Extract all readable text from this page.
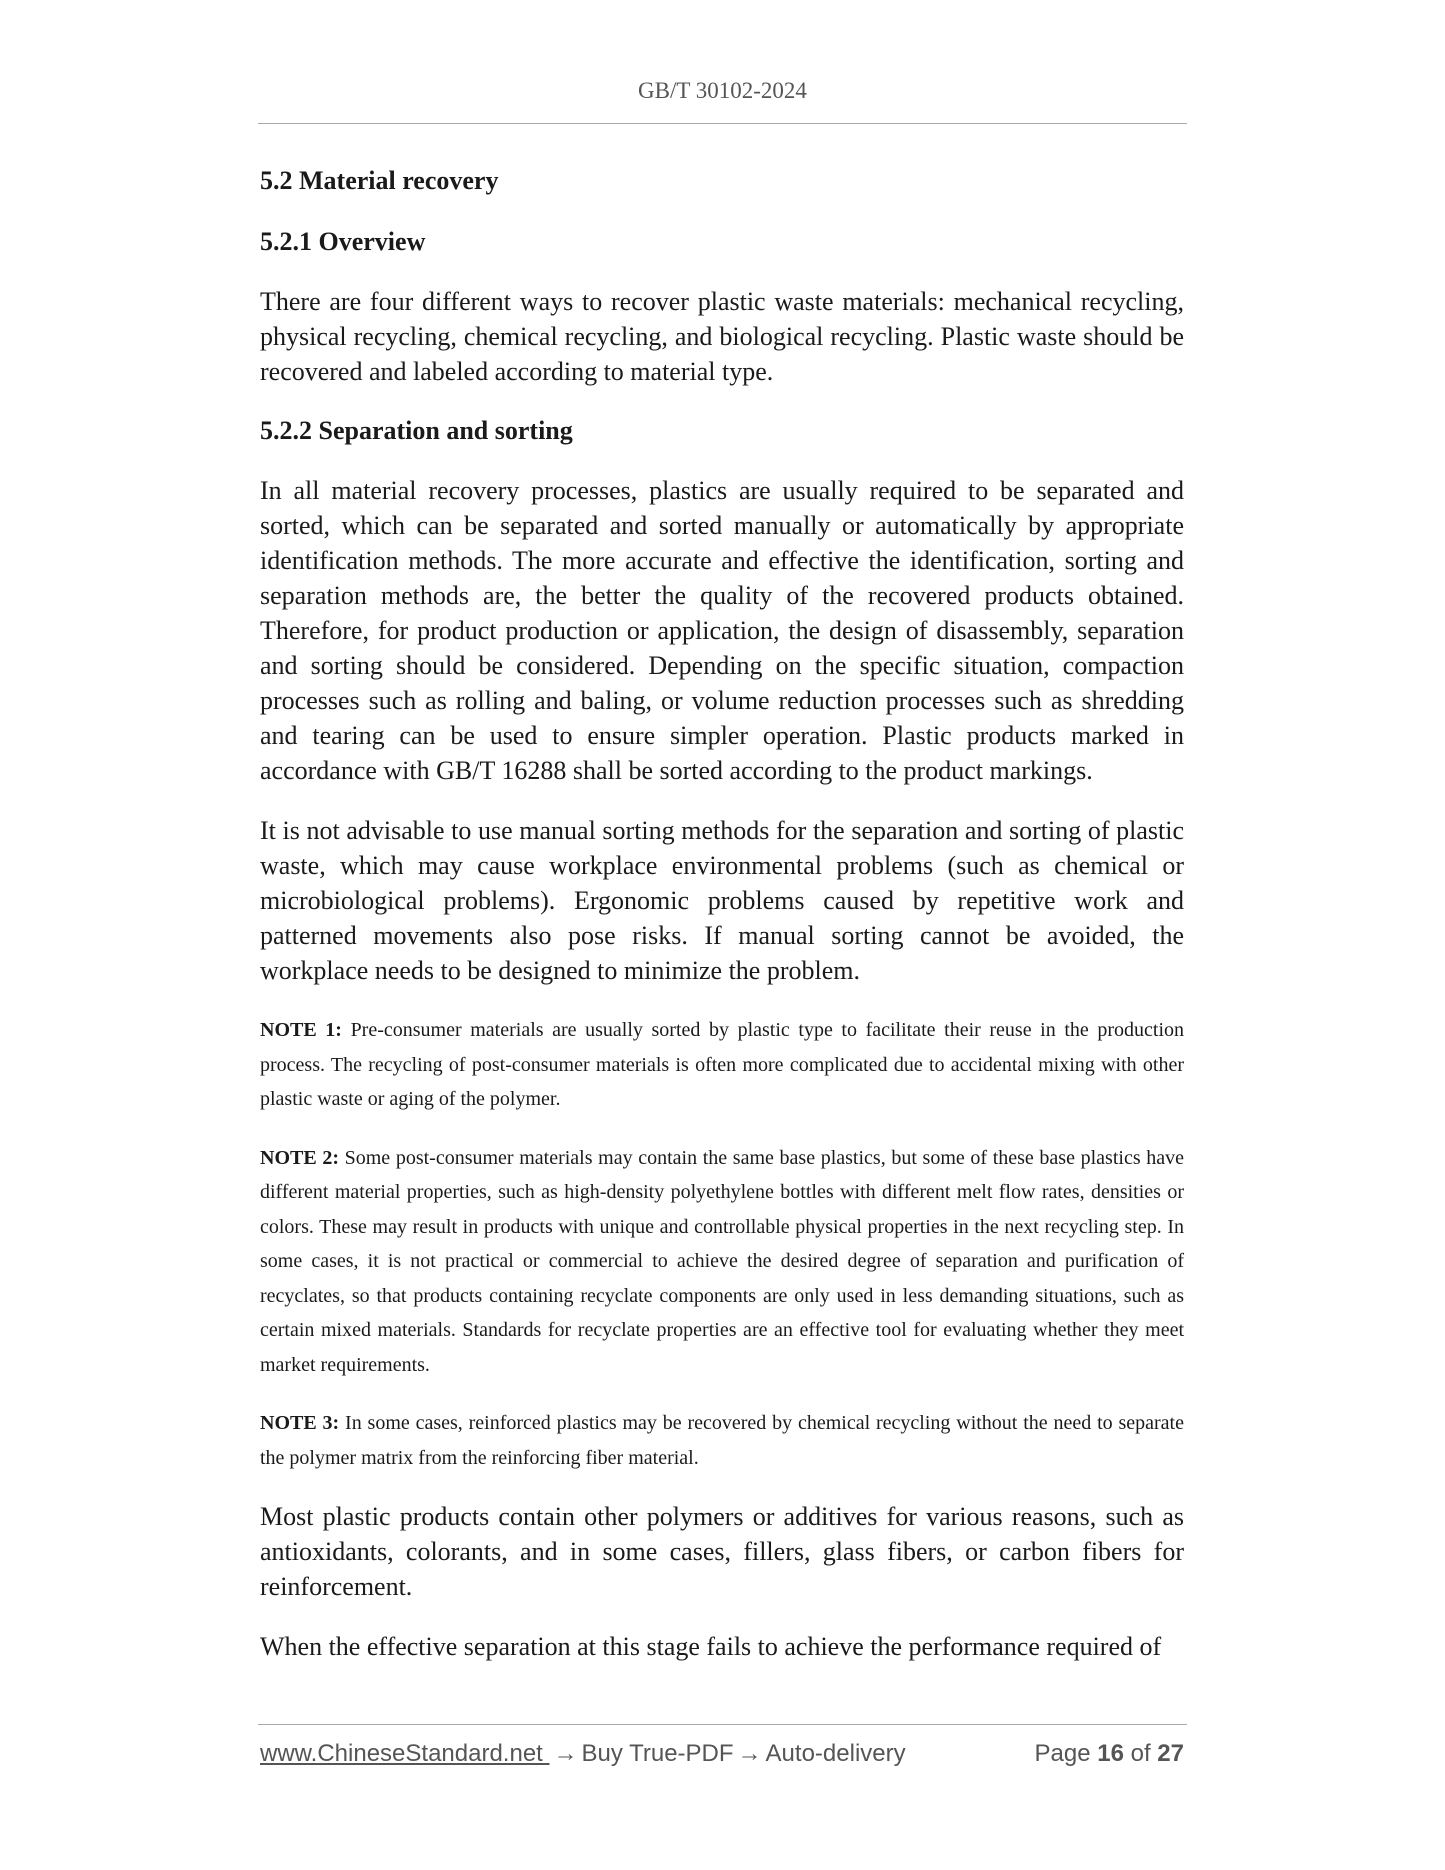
GB/T 30102-2024
5.2 Material recovery
5.2.1 Overview

There are four different ways to recover plastic waste materials: mechanical recycling, physical recycling, chemical recycling, and biological recycling. Plastic waste should be recovered and labeled according to material type.

5.2.2 Separation and sorting

In all material recovery processes, plastics are usually required to be separated and sorted, which can be separated and sorted manually or automatically by appropriate identification methods. The more accurate and effective the identification, sorting and separation methods are, the better the quality of the recovered products obtained. Therefore, for product production or application, the design of disassembly, separation and sorting should be considered. Depending on the specific situation, compaction processes such as rolling and baling, or volume reduction processes such as shredding and tearing can be used to ensure simpler operation. Plastic products marked in accordance with GB/T 16288 shall be sorted according to the product markings.

It is not advisable to use manual sorting methods for the separation and sorting of plastic waste, which may cause workplace environmental problems (such as chemical or microbiological problems). Ergonomic problems caused by repetitive work and patterned movements also pose risks. If manual sorting cannot be avoided, the workplace needs to be designed to minimize the problem.

NOTE 1: Pre-consumer materials are usually sorted by plastic type to facilitate their reuse in the production process. The recycling of post-consumer materials is often more complicated due to accidental mixing with other plastic waste or aging of the polymer.
NOTE 2: Some post-consumer materials may contain the same base plastics, but some of these base plastics have different material properties, such as high-density polyethylene bottles with different melt flow rates, densities or colors. These may result in products with unique and controllable physical properties in the next recycling step. In some cases, it is not practical or commercial to achieve the desired degree of separation and purification of recyclates, so that products containing recyclate components are only used in less demanding situations, such as certain mixed materials. Standards for recyclate properties are an effective tool for evaluating whether they meet market requirements.
NOTE 3: In some cases, reinforced plastics may be recovered by chemical recycling without the need to separate the polymer matrix from the reinforcing fiber material.

Most plastic products contain other polymers or additives for various reasons, such as antioxidants, colorants, and in some cases, fillers, glass fibers, or carbon fibers for reinforcement.

When the effective separation at this stage fails to achieve the performance required of

www.ChineseStandard.net → Buy True-PDF → Auto-delivery	Page 16 of 27
